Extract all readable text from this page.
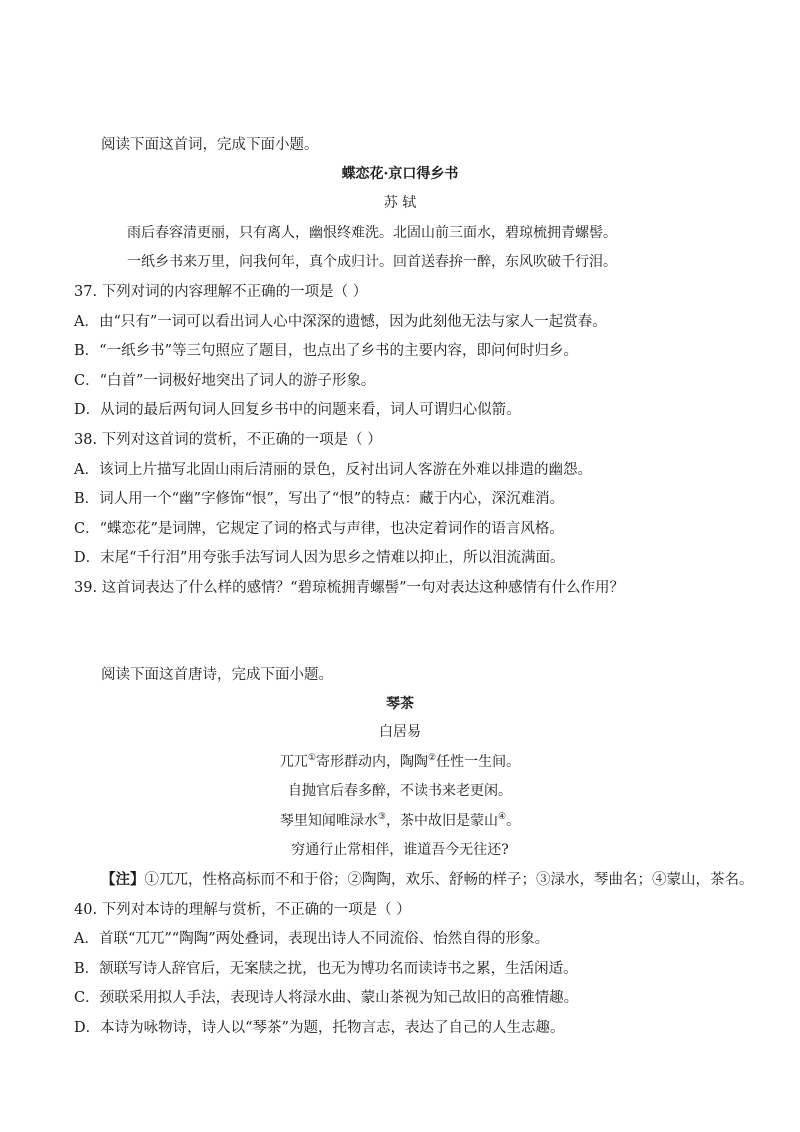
阅读下面这首词，完成下面小题。
蝶恋花·京口得乡书
苏 轼
雨后春容清更丽，只有离人，幽恨终难洗。北固山前三面水，碧琼梳拥青螺髻。
一纸乡书来万里，问我何年，真个成归计。回首送春拚一醉，东风吹破千行泪。
37. 下列对词的内容理解不正确的一项是（ ）
A．由“只有”一词可以看出词人心中深深的遗憾，因为此刻他无法与家人一起赏春。
B．“一纸乡书”等三句照应了题目，也点出了乡书的主要内容，即问何时归乡。
C．“白首”一词极好地突出了词人的游子形象。
D．从词的最后两句词人回复乡书中的问题来看，词人可谓归心似箭。
38. 下列对这首词的赏析，不正确的一项是（ ）
A．该词上片描写北固山雨后清丽的景色，反衬出词人客游在外难以排遣的幽怨。
B．词人用一个“幽”字修饰“恨”，写出了“恨”的特点：藏于内心，深沉难消。
C．“蝶恋花”是词牌，它规定了词的格式与声律，也决定着词作的语言风格。
D．末尾“千行泪”用夸张手法写词人因为思乡之情难以抑止，所以泪流满面。
39. 这首词表达了什么样的感情？“碧琼梳拥青螺髻”一句对表达这种感情有什么作用？
阅读下面这首唐诗，完成下面小题。
琴茶
白居易
兀兀①寄形群动内，陶陶②任性一生间。
自抛官后春多醉，不读书来老更闲。
琴里知闻唯渌水③，茶中故旧是蒙山④。
穷通行止常相伴，谁道吾今无往还?
【注】①兀兀，性格高标而不和于俗；②陶陶，欢乐、舒畅的样子；③渌水，琴曲名；④蒙山，茶名。
40. 下列对本诗的理解与赏析，不正确的一项是（ ）
A．首联“兀兀”“陶陶”两处叠词，表现出诗人不同流俗、怡然自得的形象。
B．颔联写诗人辞官后，无案牍之扰，也无为博功名而读诗书之累，生活闲适。
C．颈联采用拟人手法，表现诗人将渌水曲、蒙山茶视为知己故旧的高雅情趣。
D．本诗为咏物诗，诗人以“琴茶”为题，托物言志，表达了自己的人生志趣。
